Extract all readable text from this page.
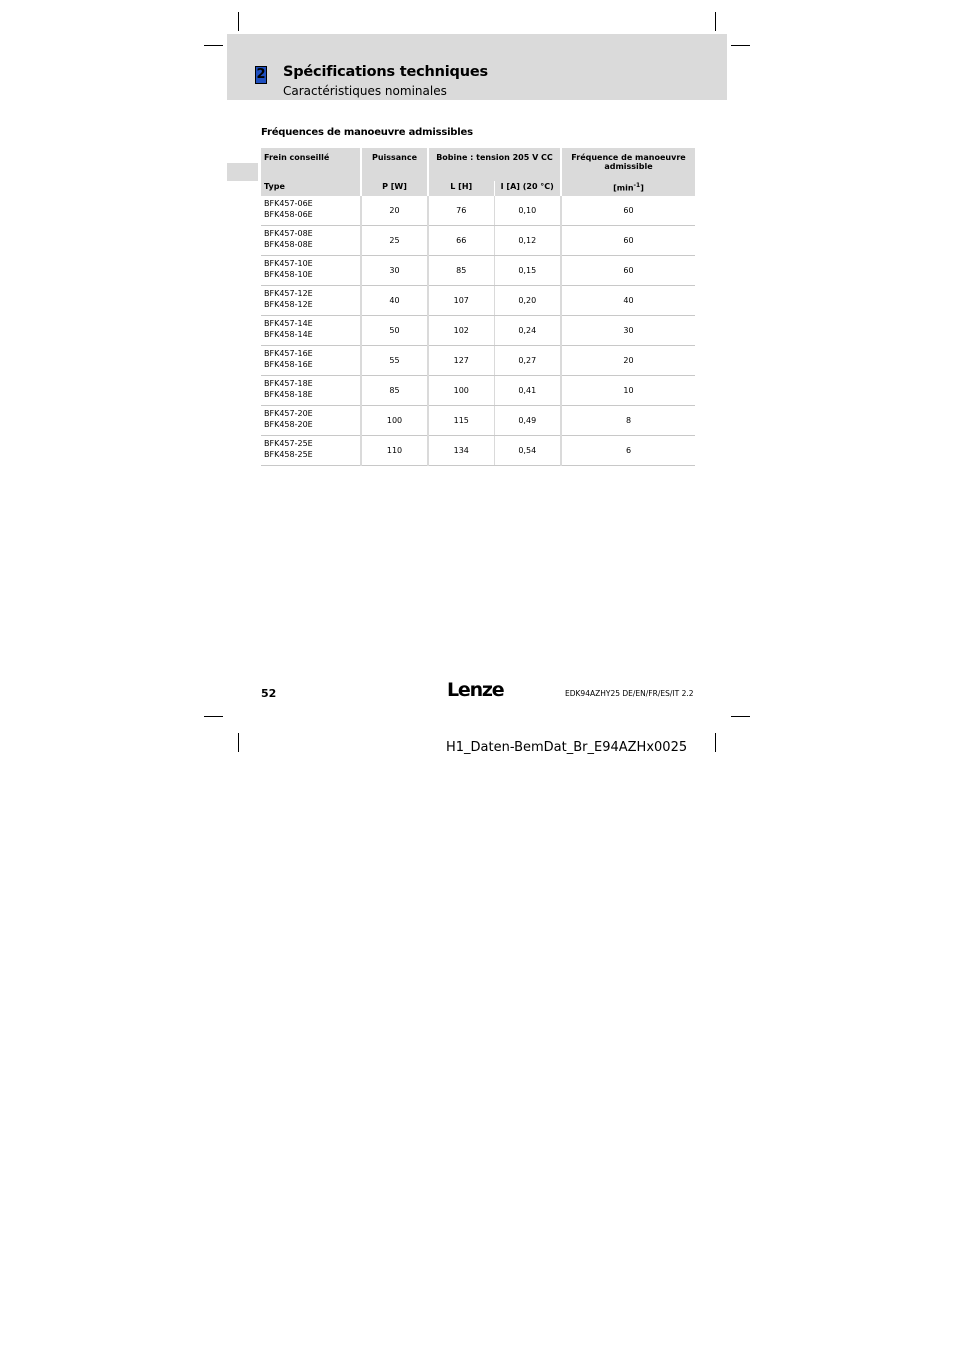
2 Spécifications techniques
Caractéristiques nominales
Fréquences de manoeuvre admissibles
Frein conseillé	Puissance	Bobine : tension 205 V CC		Fréquence de manoeuvre admissible
Type	P [W]	L [H]	I [A] (20 °C)	$[\min^{-1}]$

BFK457-06E
BFK458-06E	20	76	0,10	60

BFK457-08E
BFK458-08E	25	66	0,12	60

BFK457-10E
BFK458-10E	30	85	0,15	60

BFK457-12E
BFK458-12E	40	107	0,20	40

BFK457-14E
BFK458-14E	50	102	0,24	30

BFK457-16E
BFK458-16E	55	127	0,27	20

BFK457-18E
BFK458-18E	85	100	0,41	10

BFK457-20E
BFK458-20E	100	115	0,49	8

BFK457-25E
BFK458-25E	110	134	0,54	6
52	Lenze	EDK94AZHY25 DE/EN/FR/ES/IT 2.2
H1_Daten-BemDat_Br_E94AZHx0025
